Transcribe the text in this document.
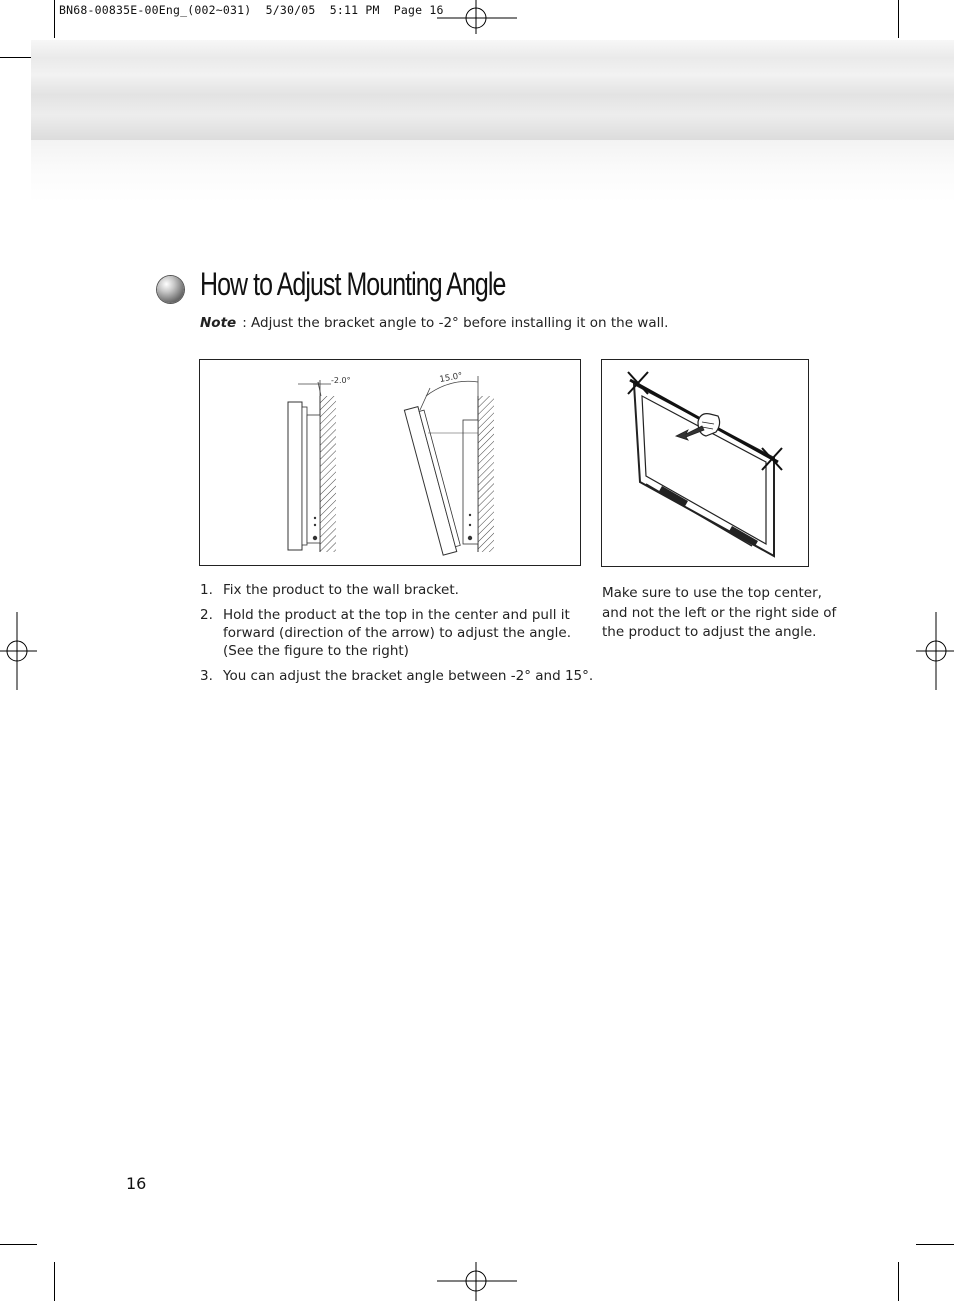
BN68-00835E-00Eng_(002~031)  5/30/05  5:11 PM  Page 16
How to Adjust Mounting Angle
Note : Adjust the bracket angle to -2° before installing it on the wall.
-2.0°	15.0°
1. Fix the product to the wall bracket.
2. Hold the product at the top in the center and pull it forward (direction of the arrow) to adjust the angle. (See the figure to the right)
3. You can adjust the bracket angle between -2° and 15°.
Make sure to use the top center, and not the left or the right side of the product to adjust the angle.
16
